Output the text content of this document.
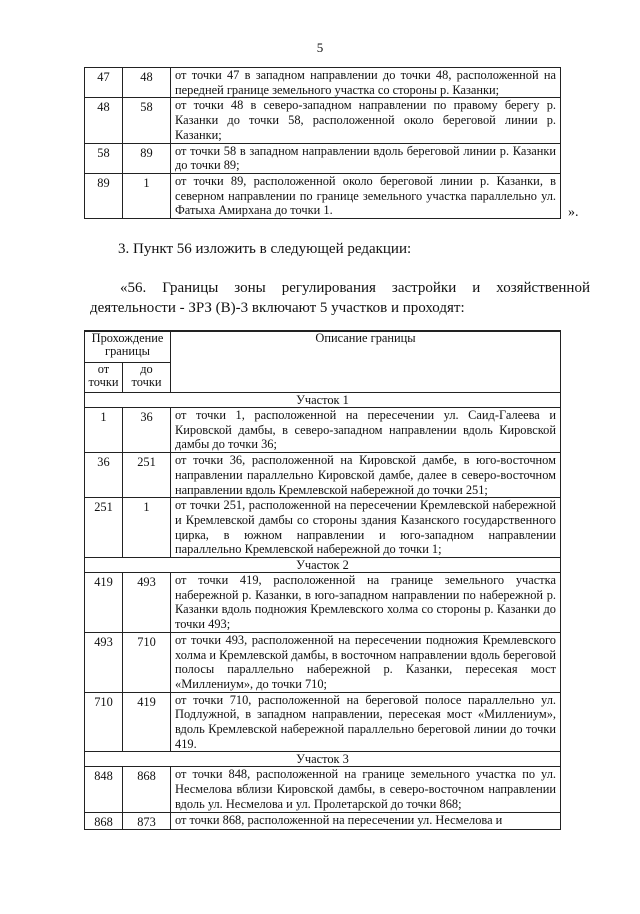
5
47	48	от точки 47 в западном направлении до точки 48, расположенной на передней границе земельного участка со стороны р. Казанки;
48	58	от точки 48 в северо-западном направлении по правому берегу р. Казанки до точки 58, расположенной около береговой линии р. Казанки;
58	89	от точки 58 в западном направлении вдоль береговой линии р. Казанки до точки 89;
89	1	от точки 89, расположенной около береговой линии р. Казанки, в северном направлении по границе земельного участка параллельно ул. Фатыха Амирхана до точки 1.	».
3. Пункт 56 изложить в следующей редакции:
«56. Границы зоны регулирования застройки и хозяйственной деятельности - ЗРЗ (В)-3 включают 5 участков и проходят:
Прохождение границы		Описание границы
от точки	до точки	
Участок 1		
1	36	от точки 1, расположенной на пересечении ул. Саид-Галеева и Кировской дамбы, в северо-западном направлении вдоль Кировской дамбы до точки 36;
36	251	от точки 36, расположенной на Кировской дамбе, в юго-восточном направлении параллельно Кировской дамбе, далее в северо-восточном направлении вдоль Кремлевской набережной до точки 251;
251	1	от точки 251, расположенной на пересечении Кремлевской набережной и Кремлевской дамбы со стороны здания Казанского государственного цирка, в южном направлении и юго-западном направлении параллельно Кремлевской набережной до точки 1;
Участок 2		
419	493	от точки 419, расположенной на границе земельного участка набережной р. Казанки, в юго-западном направлении по набережной р. Казанки вдоль подножия Кремлевского холма со стороны р. Казанки до точки 493;
493	710	от точки 493, расположенной на пересечении подножия Кремлевского холма и Кремлевской дамбы, в восточном направлении вдоль береговой полосы параллельно набережной р. Казанки, пересекая мост «Миллениум», до точки 710;
710	419	от точки 710, расположенной на береговой полосе параллельно ул. Подлужной, в западном направлении, пересекая мост «Миллениум», вдоль Кремлевской набережной параллельно береговой линии до точки 419.
Участок 3		
848	868	от точки 848, расположенной на границе земельного участка по ул. Несмелова вблизи Кировской дамбы, в северо-восточном направлении вдоль ул. Несмелова и ул. Пролетарской до точки 868;
868	873	от точки 868, расположенной на пересечении ул. Несмелова и
